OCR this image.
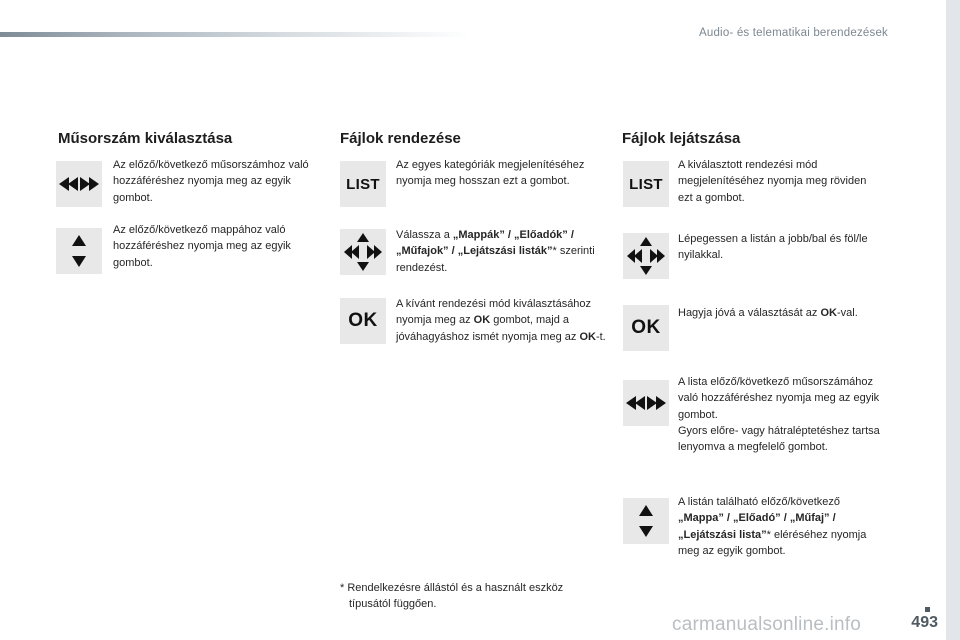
Audio- és telematikai berendezések
493
carmanualsonline.info
Műsorszám kiválasztása
Az előző/következő műsorszámhoz való hozzáféréshez nyomja meg az egyik gombot.
Az előző/következő mappához való hozzáféréshez nyomja meg az egyik gombot.
Fájlok rendezése
LIST
Az egyes kategóriák megjelenítéséhez nyomja meg hosszan ezt a gombot.
Válassza a „Mappák” / „Előadók” / „Műfajok” / „Lejátszási listák”* szerinti rendezést.
OK
A kívánt rendezési mód kiválasztásához nyomja meg az OK gombot, majd a jóváhagyáshoz ismét nyomja meg az OK-t.
Fájlok lejátszása
LIST
A kiválasztott rendezési mód megjelenítéséhez nyomja meg röviden ezt a gombot.
Lépegessen a listán a jobb/bal és föl/le nyilakkal.
OK
Hagyja jóvá a választását az OK-val.
A lista előző/következő műsorszámához való hozzáféréshez nyomja meg az egyik gombot.
Gyors előre- vagy hátraléptetéshez tartsa lenyomva a megfelelő gombot.
A listán található előző/következő „Mappa” / „Előadó” / „Műfaj” / „Lejátszási lista”* eléréséhez nyomja meg az egyik gombot.
* Rendelkezésre állástól és a használt eszköz
típusától függően.
